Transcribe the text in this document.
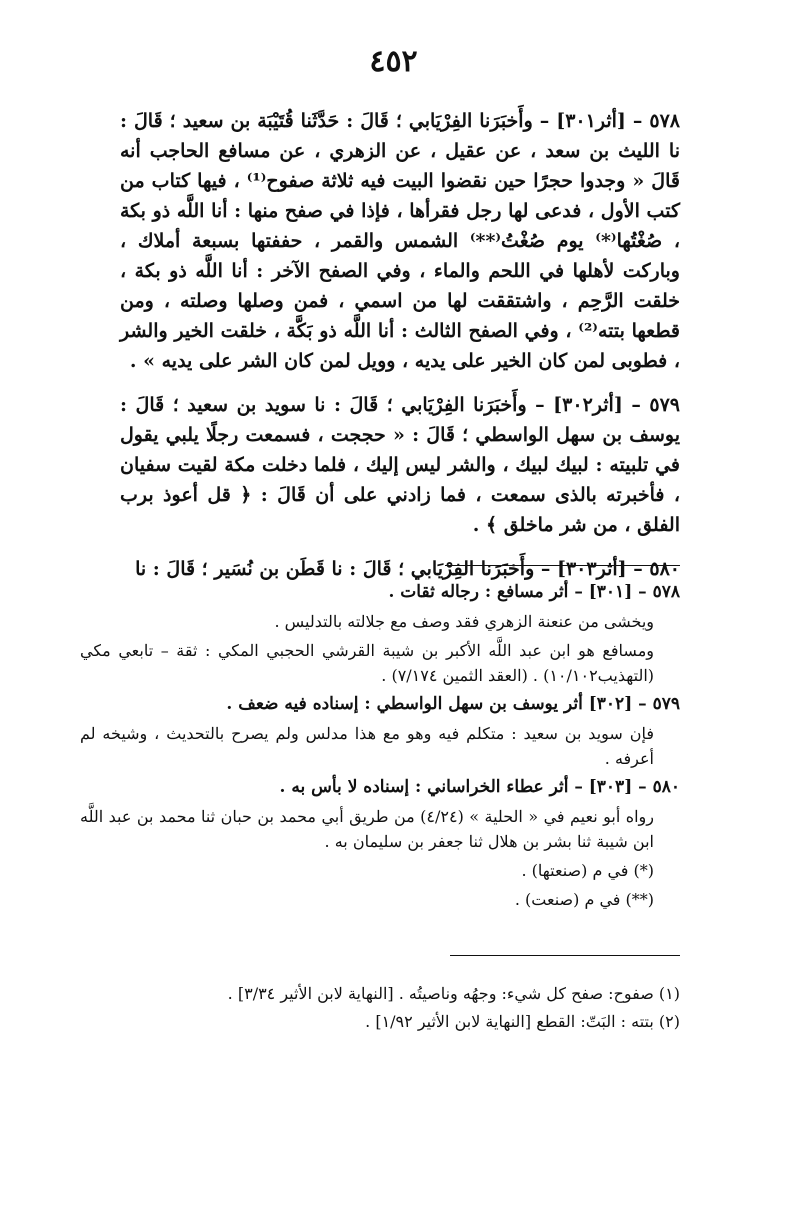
٤٥٢

٥٧٨ – [أثر٣٠١] – وأَخبَرَنا الفِرْيَابي ؛ قَالَ : حَدَّثَنا قُتَيْبَة بن سعيد ؛ قَالَ : نا الليث بن سعد ، عن عقيل ، عن الزهري ، عن مسافع الحاجب أنه قَالَ « وجدوا حجرًا حين نقضوا البيت فيه ثلاثة صفوح⁽¹⁾ ، فيها كتاب من كتب الأول ، فدعى لها رجل فقرأها ، فإذا في صفح منها : أنا اللَّه ذو بكة ، صُغْتُها⁽*⁾ يوم صُغْتُ⁽**⁾ الشمس والقمر ، حففتها بسبعة أملاك ، وباركت لأهلها في اللحم والماء ، وفي الصفح الآخر : أنا اللَّه ذو بكة ، خلقت الرَّحِم ، واشتققت لها من اسمي ، فمن وصلها وصلته ، ومن قطعها بتته⁽²⁾ ، وفي الصفح الثالث : أنا اللَّه ذو بَكَّة ، خلقت الخير والشر ، فطوبى لمن كان الخير على يديه ، وويل لمن كان الشر على يديه » .

٥٧٩ – [أثر٣٠٢] – وأَخبَرَنا الفِرْيَابي ؛ قَالَ : نا سويد بن سعيد ؛ قَالَ : يوسف بن سهل الواسطي ؛ قَالَ : « حججت ، فسمعت رجلًا يلبي يقول في تلبيته : لبيك لبيك ، والشر ليس إليك ، فلما دخلت مكة لقيت سفيان ، فأخبرته بالذى سمعت ، فما زادني على أن قَالَ : ﴿ قل أعوذ برب الفلق ، من شر ماخلق ﴾ .

٥٨٠ – [أثر٣٠٣] – وأَخبَرَنا الفِرْيَابي ؛ قَالَ : نا قَطَن بن نُسَير ؛ قَالَ : نا

٥٧٨ – [٣٠١] – أثر مسافع : رجاله ثقات .
ويخشى من عنعنة الزهري فقد وصف مع جلالته بالتدليس .
ومسافع هو ابن عبد اللَّه الأكبر بن شيبة القرشي الحجبي المكي : ثقة – تابعي مكي (التهذيب١٠/١٠٢) . (العقد الثمين ٧/١٧٤) .
٥٧٩ – [٣٠٢] أثر يوسف بن سهل الواسطي : إسناده فيه ضعف .
فإن سويد بن سعيد : متكلم فيه وهو مع هذا مدلس ولم يصرح بالتحديث ، وشيخه لم أعرفه .
٥٨٠ – [٣٠٣] – أثر عطاء الخراساني : إسناده لا بأس به .
رواه أبو نعيم في « الحلية » (٤/٢٤) من طريق أبي محمد بن حبان ثنا محمد بن عبد اللَّه ابن شيبة ثنا بشر بن هلال ثنا جعفر بن سليمان به .
(*) في م (صنعتها) .
(**) في م (صنعت) .

(١) صفوح: صفح كل شيء: وجهُه وناصيتُه . [النهاية لابن الأثير ٣/٣٤] .

(٢) بتته : البَتّ: القطع [النهاية لابن الأثير ١/٩٢] .
